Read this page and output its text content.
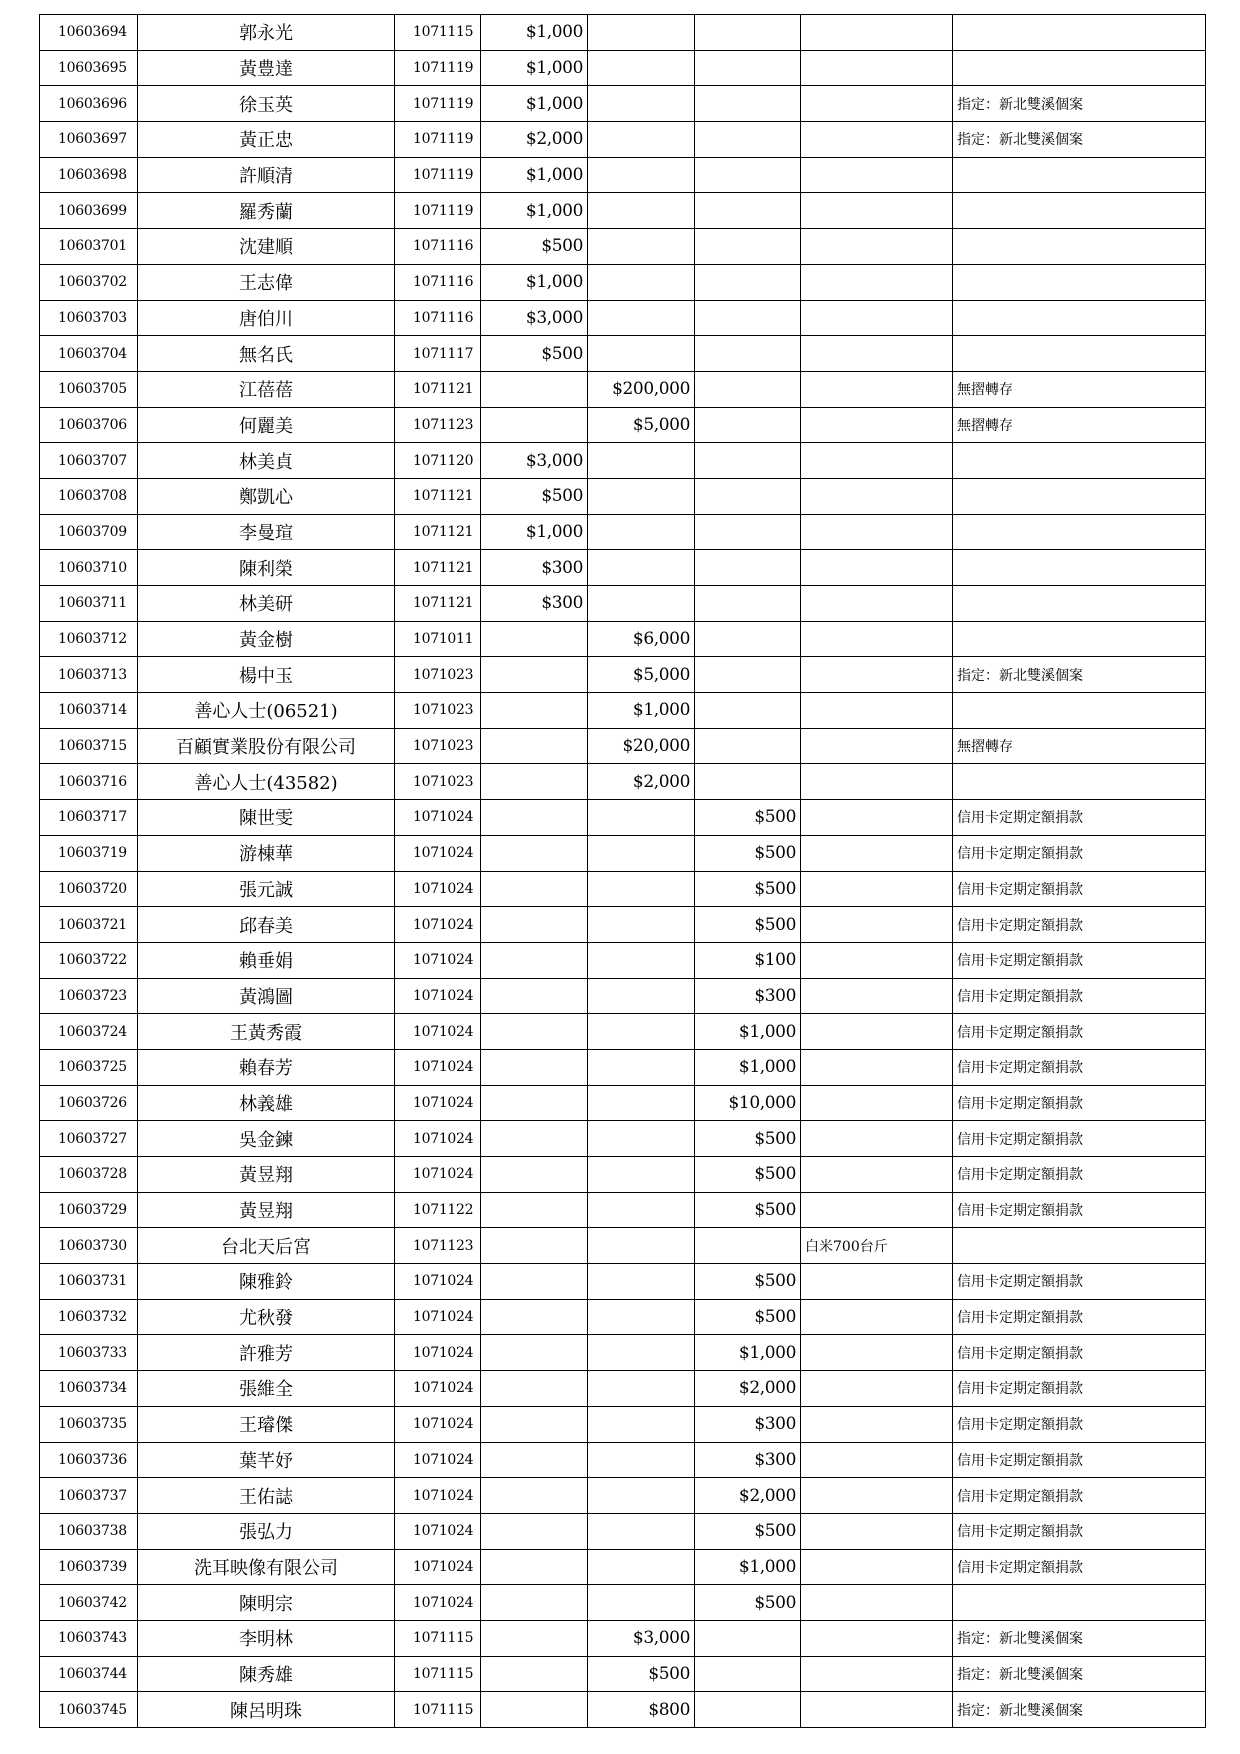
10603694	郭永光	1071115	$1,000				
10603695	黃豊達	1071119	$1,000				
10603696	徐玉英	1071119	$1,000				指定：新北雙溪個案
10603697	黃正忠	1071119	$2,000				指定：新北雙溪個案
10603698	許順清	1071119	$1,000				
10603699	羅秀蘭	1071119	$1,000				
10603701	沈建順	1071116	$500				
10603702	王志偉	1071116	$1,000				
10603703	唐伯川	1071116	$3,000				
10603704	無名氏	1071117	$500				
10603705	江蓓蓓	1071121		$200,000			無摺轉存
10603706	何麗美	1071123		$5,000			無摺轉存
10603707	林美貞	1071120	$3,000				
10603708	鄭凱心	1071121	$500				
10603709	李曼瑄	1071121	$1,000				
10603710	陳利榮	1071121	$300				
10603711	林美研	1071121	$300				
10603712	黃金樹	1071011		$6,000			
10603713	楊中玉	1071023		$5,000			指定：新北雙溪個案
10603714	善心人士(06521)	1071023		$1,000			
10603715	百顧實業股份有限公司	1071023		$20,000			無摺轉存
10603716	善心人士(43582)	1071023		$2,000			
10603717	陳世雯	1071024			$500		信用卡定期定額捐款
10603719	游棟華	1071024			$500		信用卡定期定額捐款
10603720	張元誠	1071024			$500		信用卡定期定額捐款
10603721	邱春美	1071024			$500		信用卡定期定額捐款
10603722	賴垂娟	1071024			$100		信用卡定期定額捐款
10603723	黃鴻圖	1071024			$300		信用卡定期定額捐款
10603724	王黃秀霞	1071024			$1,000		信用卡定期定額捐款
10603725	賴春芳	1071024			$1,000		信用卡定期定額捐款
10603726	林義雄	1071024			$10,000		信用卡定期定額捐款
10603727	吳金鍊	1071024			$500		信用卡定期定額捐款
10603728	黃昱翔	1071024			$500		信用卡定期定額捐款
10603729	黃昱翔	1071122			$500		信用卡定期定額捐款
10603730	台北天后宮	1071123				白米700台斤	
10603731	陳雅鈴	1071024			$500		信用卡定期定額捐款
10603732	尤秋發	1071024			$500		信用卡定期定額捐款
10603733	許雅芳	1071024			$1,000		信用卡定期定額捐款
10603734	張維全	1071024			$2,000		信用卡定期定額捐款
10603735	王璿傑	1071024			$300		信用卡定期定額捐款
10603736	葉芊妤	1071024			$300		信用卡定期定額捐款
10603737	王佑誌	1071024			$2,000		信用卡定期定額捐款
10603738	張弘力	1071024			$500		信用卡定期定額捐款
10603739	洗耳映像有限公司	1071024			$1,000		信用卡定期定額捐款
10603742	陳明宗	1071024			$500		
10603743	李明林	1071115		$3,000			指定：新北雙溪個案
10603744	陳秀雄	1071115		$500			指定：新北雙溪個案
10603745	陳呂明珠	1071115		$800			指定：新北雙溪個案
